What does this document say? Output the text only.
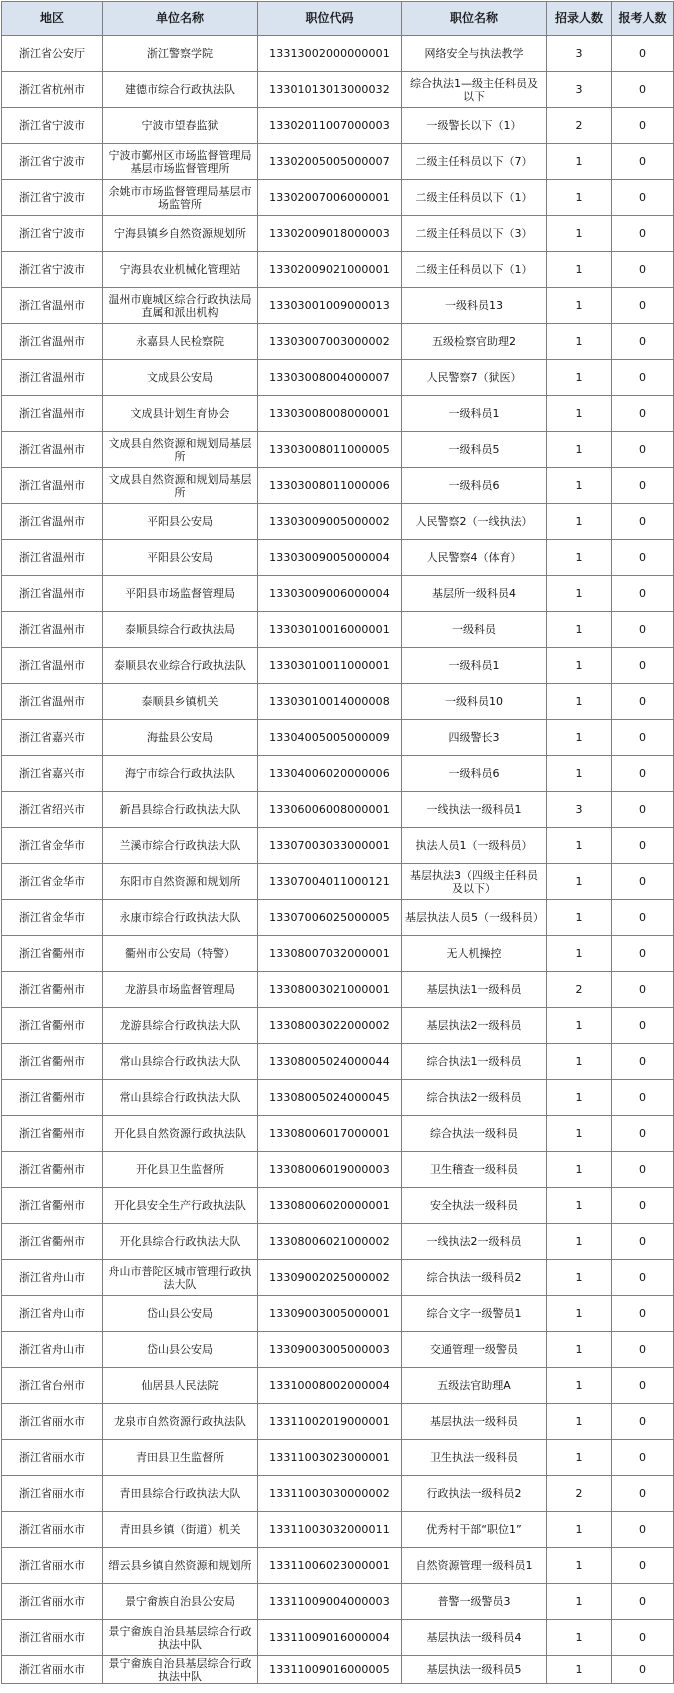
地区	单位名称	职位代码	职位名称	招录人数	报考人数
浙江省公安厅	浙江警察学院	13313002000000001	网络安全与执法教学	3	0
浙江省杭州市	建德市综合行政执法队	13301013013000032	综合执法1—级主任科员及以下	3	0
浙江省宁波市	宁波市望春监狱	13302011007000003	一级警长以下（1）	2	0
浙江省宁波市	宁波市鄞州区市场监督管理局基层市场监督管理所	13302005005000007	二级主任科员以下（7）	1	0
浙江省宁波市	余姚市市场监督管理局基层市场监管所	13302007006000001	二级主任科员以下（1）	1	0
浙江省宁波市	宁海县镇乡自然资源规划所	13302009018000003	二级主任科员以下（3）	1	0
浙江省宁波市	宁海县农业机械化管理站	13302009021000001	二级主任科员以下（1）	1	0
浙江省温州市	温州市鹿城区综合行政执法局直属和派出机构	13303001009000013	一级科员13	1	0
浙江省温州市	永嘉县人民检察院	13303007003000002	五级检察官助理2	1	0
浙江省温州市	文成县公安局	13303008004000007	人民警察7（狱医）	1	0
浙江省温州市	文成县计划生育协会	13303008008000001	一级科员1	1	0
浙江省温州市	文成县自然资源和规划局基层所	13303008011000005	一级科员5	1	0
浙江省温州市	文成县自然资源和规划局基层所	13303008011000006	一级科员6	1	0
浙江省温州市	平阳县公安局	13303009005000002	人民警察2（一线执法）	1	0
浙江省温州市	平阳县公安局	13303009005000004	人民警察4（体育）	1	0
浙江省温州市	平阳县市场监督管理局	13303009006000004	基层所一级科员4	1	0
浙江省温州市	泰顺县综合行政执法局	13303010016000001	一级科员	1	0
浙江省温州市	泰顺县农业综合行政执法队	13303010011000001	一级科员1	1	0
浙江省温州市	泰顺县乡镇机关	13303010014000008	一级科员10	1	0
浙江省嘉兴市	海盐县公安局	13304005005000009	四级警长3	1	0
浙江省嘉兴市	海宁市综合行政执法队	13304006020000006	一级科员6	1	0
浙江省绍兴市	新昌县综合行政执法大队	13306006008000001	一线执法一级科员1	3	0
浙江省金华市	兰溪市综合行政执法大队	13307003033000001	执法人员1（一级科员）	1	0
浙江省金华市	东阳市自然资源和规划所	13307004011000121	基层执法3（四级主任科员及以下）	1	0
浙江省金华市	永康市综合行政执法大队	13307006025000005	基层执法人员5（一级科员）	1	0
浙江省衢州市	衢州市公安局（特警）	13308007032000001	无人机操控	1	0
浙江省衢州市	龙游县市场监督管理局	13308003021000001	基层执法1一级科员	2	0
浙江省衢州市	龙游县综合行政执法大队	13308003022000002	基层执法2一级科员	1	0
浙江省衢州市	常山县综合行政执法大队	13308005024000044	综合执法1一级科员	1	0
浙江省衢州市	常山县综合行政执法大队	13308005024000045	综合执法2一级科员	1	0
浙江省衢州市	开化县自然资源行政执法队	13308006017000001	综合执法一级科员	1	0
浙江省衢州市	开化县卫生监督所	13308006019000003	卫生稽查一级科员	1	0
浙江省衢州市	开化县安全生产行政执法队	13308006020000001	安全执法一级科员	1	0
浙江省衢州市	开化县综合行政执法大队	13308006021000002	一线执法2一级科员	1	0
浙江省舟山市	舟山市普陀区城市管理行政执法大队	13309002025000002	综合执法一级科员2	1	0
浙江省舟山市	岱山县公安局	13309003005000001	综合文字一级警员1	1	0
浙江省舟山市	岱山县公安局	13309003005000003	交通管理一级警员	1	0
浙江省台州市	仙居县人民法院	13310008002000004	五级法官助理A	1	0
浙江省丽水市	龙泉市自然资源行政执法队	13311002019000001	基层执法一级科员	1	0
浙江省丽水市	青田县卫生监督所	13311003023000001	卫生执法一级科员	1	0
浙江省丽水市	青田县综合行政执法大队	13311003030000002	行政执法一级科员2	2	0
浙江省丽水市	青田县乡镇（街道）机关	13311003032000011	优秀村干部“职位1”	1	0
浙江省丽水市	缙云县乡镇自然资源和规划所	13311006023000001	自然资源管理一级科员1	1	0
浙江省丽水市	景宁畲族自治县公安局	13311009004000003	普警一级警员3	1	0
浙江省丽水市	景宁畲族自治县基层综合行政执法中队	13311009016000004	基层执法一级科员4	1	0
浙江省丽水市	景宁畲族自治县基层综合行政执法中队	13311009016000005	基层执法一级科员5	1	0
